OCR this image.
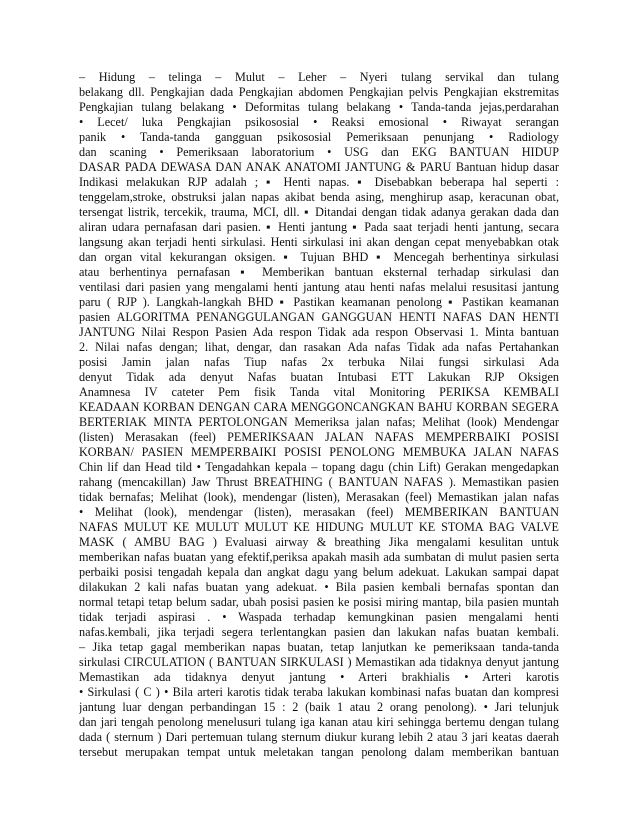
– Hidung – telinga – Mulut – Leher – Nyeri tulang servikal dan tulang
belakang dll. Pengkajian dada Pengkajian abdomen Pengkajian pelvis Pengkajian ekstremitas
Pengkajian tulang belakang • Deformitas tulang belakang • Tanda-tanda jejas,perdarahan
• Lecet/ luka Pengkajian psikososial • Reaksi emosional • Riwayat serangan
panik • Tanda-tanda gangguan psikososial Pemeriksaan penunjang • Radiology
dan scaning • Pemeriksaan laboratorium • USG dan EKG BANTUAN HIDUP
DASAR PADA DEWASA DAN ANAK ANATOMI JANTUNG & PARU Bantuan hidup dasar
Indikasi melakukan RJP adalah ; ▪ Henti napas. ▪ Disebabkan beberapa hal seperti :
tenggelam,stroke, obstruksi jalan napas akibat benda asing, menghirup asap, keracunan obat,
tersengat listrik, tercekik, trauma, MCI, dll. ▪ Ditandai dengan tidak adanya gerakan dada dan
aliran udara pernafasan dari pasien. ▪ Henti jantung ▪ Pada saat terjadi henti jantung, secara
langsung akan terjadi henti sirkulasi. Henti sirkulasi ini akan dengan cepat menyebabkan otak
dan organ vital kekurangan oksigen. ▪ Tujuan BHD ▪ Mencegah berhentinya sirkulasi
atau berhentinya pernafasan ▪ Memberikan bantuan eksternal terhadap sirkulasi dan
ventilasi dari pasien yang mengalami henti jantung atau henti nafas melalui resusitasi jantung
paru ( RJP ). Langkah-langkah BHD ▪ Pastikan keamanan penolong ▪ Pastikan keamanan
pasien ALGORITMA PENANGGULANGAN GANGGUAN HENTI NAFAS DAN HENTI
JANTUNG Nilai Respon Pasien Ada respon Tidak ada respon Observasi 1. Minta bantuan
2. Nilai nafas dengan; lihat, dengar, dan rasakan Ada nafas Tidak ada nafas Pertahankan
posisi Jamin jalan nafas Tiup nafas 2x terbuka Nilai fungsi sirkulasi Ada
denyut Tidak ada denyut Nafas buatan Intubasi ETT Lakukan RJP Oksigen
Anamnesa IV cateter Pem fisik Tanda vital Monitoring PERIKSA KEMBALI
KEADAAN KORBAN DENGAN CARA MENGGONCANGKAN BAHU KORBAN SEGERA
BERTERIAK MINTA PERTOLONGAN Memeriksa jalan nafas; Melihat (look) Mendengar
(listen) Merasakan (feel) PEMERIKSAAN JALAN NAFAS MEMPERBAIKI POSISI
KORBAN/ PASIEN MEMPERBAIKI POSISI PENOLONG MEMBUKA JALAN NAFAS
Chin lif dan Head tild • Tengadahkan kepala – topang dagu (chin Lift) Gerakan mengedapkan
rahang (mencakillan) Jaw Thrust BREATHING ( BANTUAN NAFAS ). Memastikan pasien
tidak bernafas; Melihat (look), mendengar (listen), Merasakan (feel) Memastikan jalan nafas
• Melihat (look), mendengar (listen), merasakan (feel) MEMBERIKAN BANTUAN
NAFAS MULUT KE MULUT MULUT KE HIDUNG MULUT KE STOMA BAG VALVE
MASK ( AMBU BAG ) Evaluasi airway & breathing Jika mengalami kesulitan untuk
memberikan nafas buatan yang efektif,periksa apakah masih ada sumbatan di mulut pasien serta
perbaiki posisi tengadah kepala dan angkat dagu yang belum adekuat. Lakukan sampai dapat
dilakukan 2 kali nafas buatan yang adekuat. • Bila pasien kembali bernafas spontan dan
normal tetapi tetap belum sadar, ubah posisi pasien ke posisi miring mantap, bila pasien muntah
tidak terjadi aspirasi . • Waspada terhadap kemungkinan pasien mengalami henti
nafas.kembali, jika terjadi segera terlentangkan pasien dan lakukan nafas buatan kembali.
– Jika tetap gagal memberikan napas buatan, tetap lanjutkan ke pemeriksaan tanda-tanda
sirkulasi CIRCULATION ( BANTUAN SIRKULASI ) Memastikan ada tidaknya denyut jantung
Memastikan ada tidaknya denyut jantung • Arteri brakhialis • Arteri karotis
• Sirkulasi ( C ) • Bila arteri karotis tidak teraba lakukan kombinasi nafas buatan dan kompresi
jantung luar dengan perbandingan 15 : 2 (baik 1 atau 2 orang penolong). • Jari telunjuk
dan jari tengah penolong menelusuri tulang iga kanan atau kiri sehingga bertemu dengan tulang
dada ( sternum ) Dari pertemuan tulang sternum diukur kurang lebih 2 atau 3 jari keatas daerah
tersebut merupakan tempat untuk meletakan tangan penolong dalam memberikan bantuan
